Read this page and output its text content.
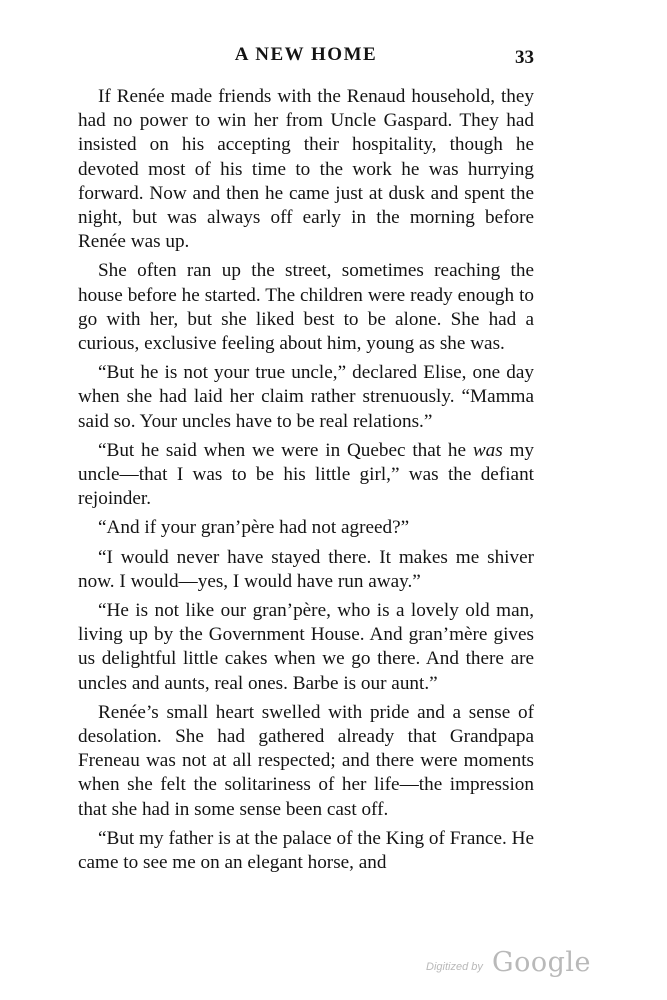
A NEW HOME	33

If Renée made friends with the Renaud household, they had no power to win her from Uncle Gaspard. They had insisted on his accepting their hospitality, though he devoted most of his time to the work he was hurrying forward. Now and then he came just at dusk and spent the night, but was always off early in the morning before Renée was up.

She often ran up the street, sometimes reaching the house before he started. The children were ready enough to go with her, but she liked best to be alone. She had a curious, exclusive feeling about him, young as she was.

“But he is not your true uncle,” declared Elise, one day when she had laid her claim rather strenuously. “Mamma said so. Your uncles have to be real relations.”

“But he said when we were in Quebec that he was my uncle—that I was to be his little girl,” was the defiant rejoinder.

“And if your gran’père had not agreed?”

“I would never have stayed there. It makes me shiver now. I would—yes, I would have run away.”

“He is not like our gran’père, who is a lovely old man, living up by the Government House. And gran’mère gives us delightful little cakes when we go there. And there are uncles and aunts, real ones. Barbe is our aunt.”

Renée’s small heart swelled with pride and a sense of desolation. She had gathered already that Grandpapa Freneau was not at all respected; and there were moments when she felt the solitariness of her life—the impression that she had in some sense been cast off.

“But my father is at the palace of the King of France. He came to see me on an elegant horse, and

Digitized by Google
